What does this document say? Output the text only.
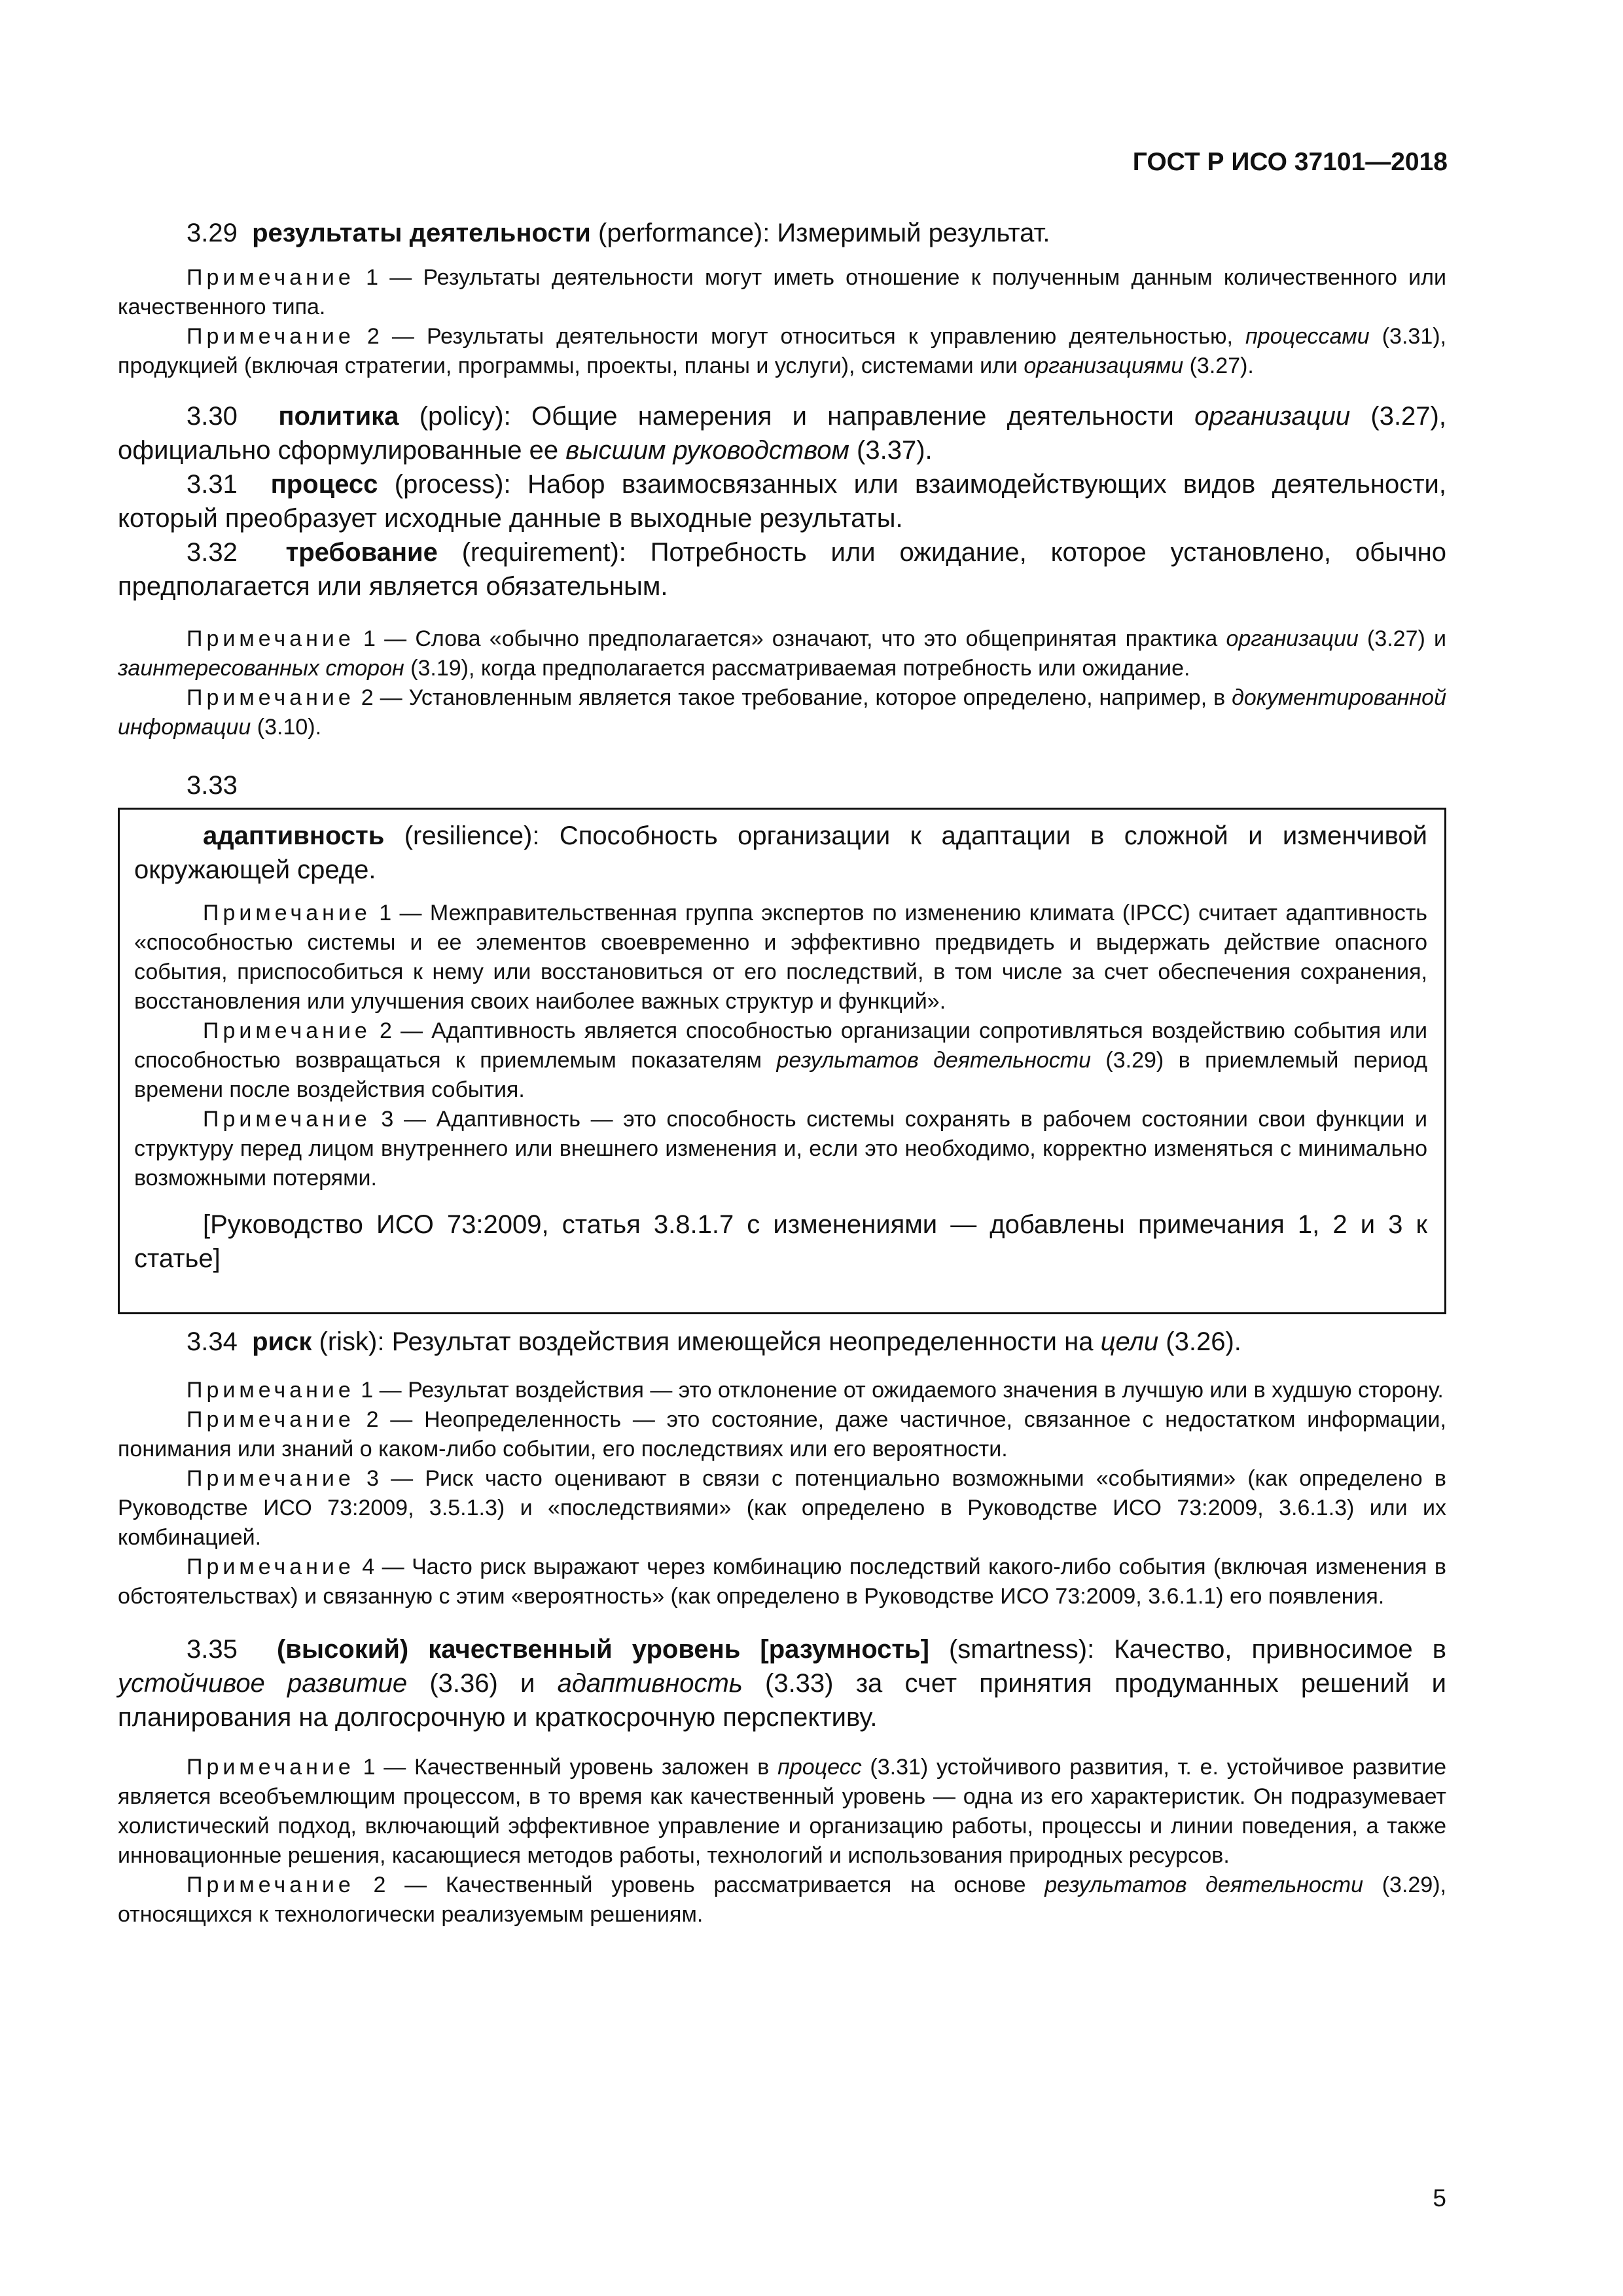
ГОСТ Р ИСО 37101—2018

3.29 результаты деятельности (performance): Измеримый результат.

Примечание 1 — Результаты деятельности могут иметь отношение к полученным данным количественного или качественного типа.

Примечание 2 — Результаты деятельности могут относиться к управлению деятельностью, процессами (3.31), продукцией (включая стратегии, программы, проекты, планы и услуги), системами или организациями (3.27).

3.30 политика (policy): Общие намерения и направление деятельности организации (3.27), официально сформулированные ее высшим руководством (3.37).

3.31 процесс (process): Набор взаимосвязанных или взаимодействующих видов деятельности, который преобразует исходные данные в выходные результаты.

3.32 требование (requirement): Потребность или ожидание, которое установлено, обычно предполагается или является обязательным.

Примечание 1 — Слова «обычно предполагается» означают, что это общепринятая практика организации (3.27) и заинтересованных сторон (3.19), когда предполагается рассматриваемая потребность или ожидание.

Примечание 2 — Установленным является такое требование, которое определено, например, в документированной информации (3.10).

3.33

адаптивность (resilience): Способность организации к адаптации в сложной и изменчивой окружающей среде.

Примечание 1 — Межправительственная группа экспертов по изменению климата (IPCC) считает адаптивность «способностью системы и ее элементов своевременно и эффективно предвидеть и выдержать действие опасного события, приспособиться к нему или восстановиться от его последствий, в том числе за счет обеспечения сохранения, восстановления или улучшения своих наиболее важных структур и функций».

Примечание 2 — Адаптивность является способностью организации сопротивляться воздействию события или способностью возвращаться к приемлемым показателям результатов деятельности (3.29) в приемлемый период времени после воздействия события.

Примечание 3 — Адаптивность — это способность системы сохранять в рабочем состоянии свои функции и структуру перед лицом внутреннего или внешнего изменения и, если это необходимо, корректно изменяться с минимально возможными потерями.

[Руководство ИСО 73:2009, статья 3.8.1.7 с изменениями — добавлены примечания 1, 2 и 3 к статье]

3.34 риск (risk): Результат воздействия имеющейся неопределенности на цели (3.26).

Примечание 1 — Результат воздействия — это отклонение от ожидаемого значения в лучшую или в худшую сторону.

Примечание 2 — Неопределенность — это состояние, даже частичное, связанное с недостатком информации, понимания или знаний о каком-либо событии, его последствиях или его вероятности.

Примечание 3 — Риск часто оценивают в связи с потенциально возможными «событиями» (как определено в Руководстве ИСО 73:2009, 3.5.1.3) и «последствиями» (как определено в Руководстве ИСО 73:2009, 3.6.1.3) или их комбинацией.

Примечание 4 — Часто риск выражают через комбинацию последствий какого-либо события (включая изменения в обстоятельствах) и связанную с этим «вероятность» (как определено в Руководстве ИСО 73:2009, 3.6.1.1) его появления.

3.35 (высокий) качественный уровень [разумность] (smartness): Качество, привносимое в устойчивое развитие (3.36) и адаптивность (3.33) за счет принятия продуманных решений и планирования на долгосрочную и краткосрочную перспективу.

Примечание 1 — Качественный уровень заложен в процесс (3.31) устойчивого развития, т. е. устойчивое развитие является всеобъемлющим процессом, в то время как качественный уровень — одна из его характеристик. Он подразумевает холистический подход, включающий эффективное управление и организацию работы, процессы и линии поведения, а также инновационные решения, касающиеся методов работы, технологий и использования природных ресурсов.

Примечание 2 — Качественный уровень рассматривается на основе результатов деятельности (3.29), относящихся к технологически реализуемым решениям.

5
